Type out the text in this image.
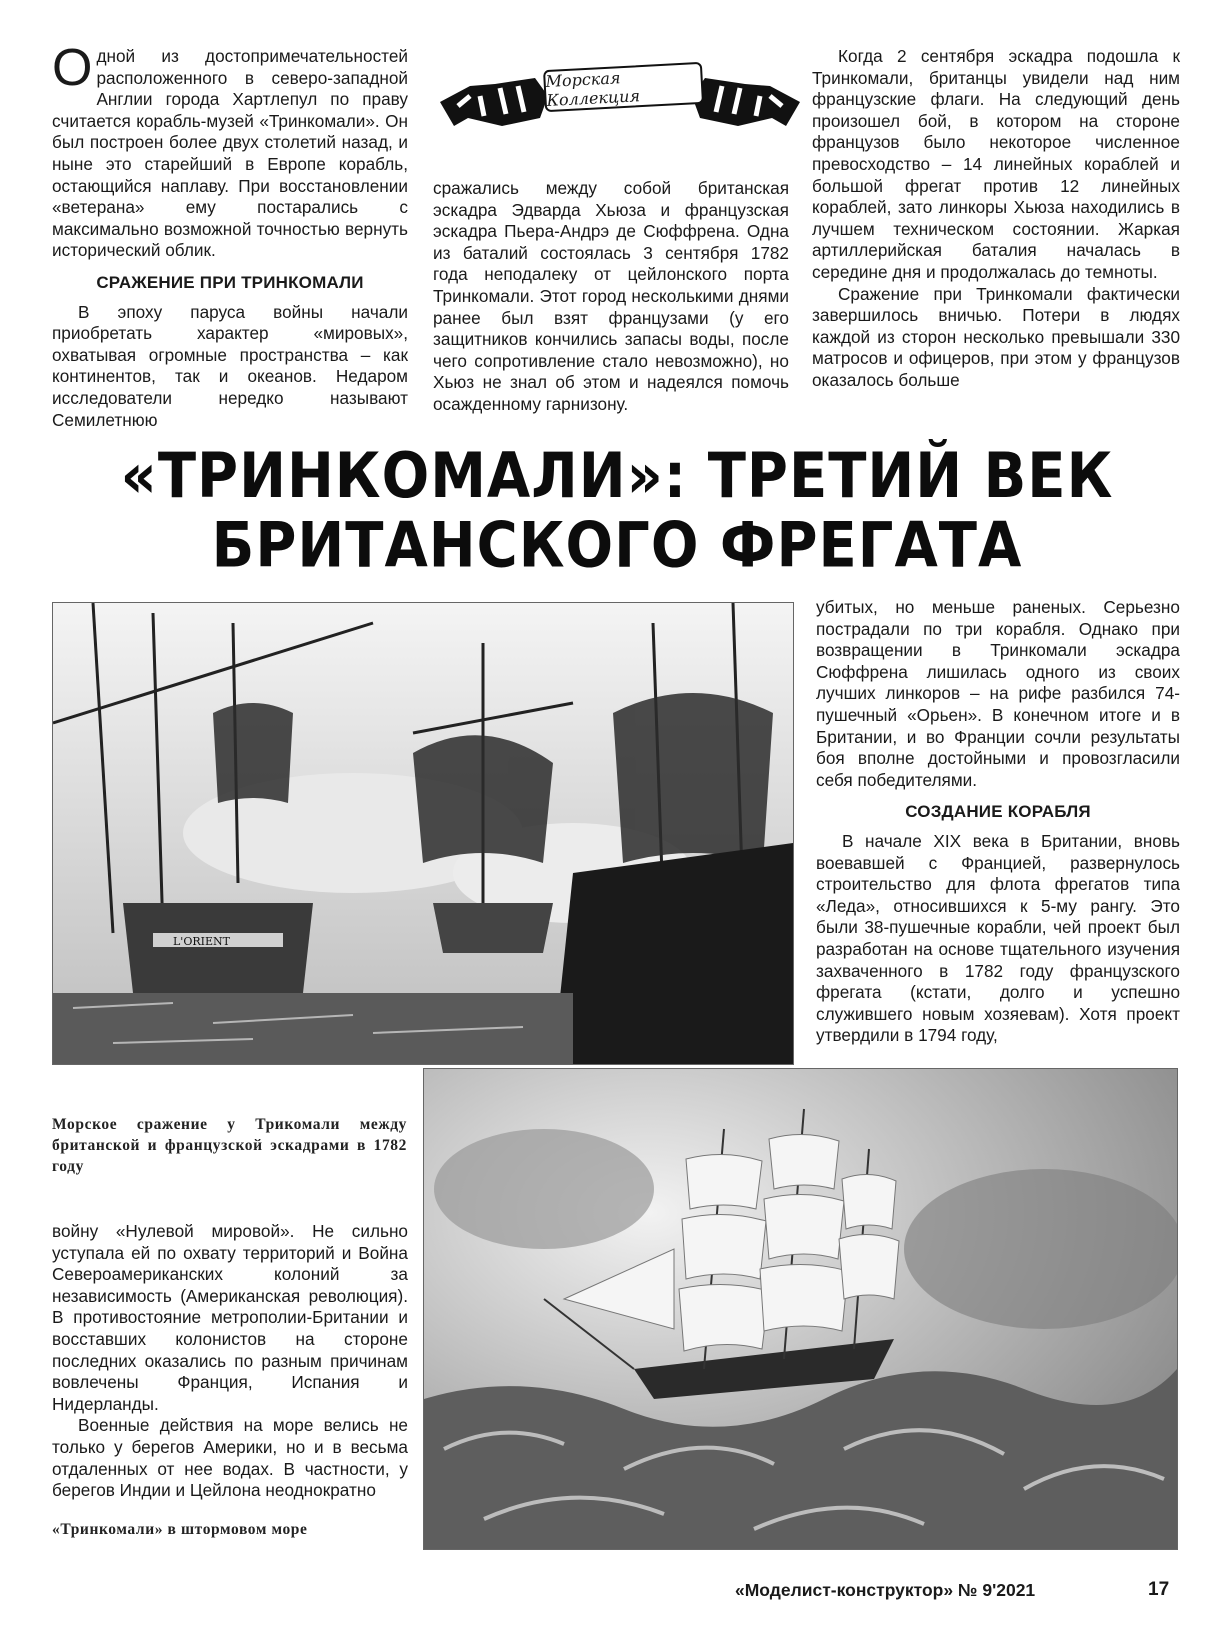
Морская Коллекция

Одной из достопримечательностей расположенного в северо-западной Англии города Хартлепул по праву считается корабль-музей «Тринкомали». Он был построен более двух столетий назад, и ныне это старейший в Европе корабль, остающийся наплаву. При восстановлении «ветерана» ему постарались с максимально возможной точностью вернуть исторический облик.

СРАЖЕНИЕ ПРИ ТРИНКОМАЛИ

В эпоху паруса войны начали приобретать характер «мировых», охватывая огромные пространства – как континентов, так и океанов. Недаром исследователи нередко называют Семилетнюю

сражались между собой британская эскадра Эдварда Хьюза и французская эскадра Пьера-Андрэ де Сюффрена. Одна из баталий состоялась 3 сентября 1782 года неподалеку от цейлонского порта Тринкомали. Этот город несколькими днями ранее был взят французами (у его защитников кончились запасы воды, после чего сопротивление стало невозможно), но Хьюз не знал об этом и надеялся помочь осажденному гарнизону.

Когда 2 сентября эскадра подошла к Тринкомали, британцы увидели над ним французские флаги. На следующий день произошел бой, в котором на стороне французов было некоторое численное превосходство – 14 линейных кораблей и большой фрегат против 12 линейных кораблей, зато линкоры Хьюза находились в лучшем техническом состоянии. Жаркая артиллерийская баталия началась в середине дня и продолжалась до темноты.

Сражение при Тринкомали фактически завершилось вничью. Потери в людях каждой из сторон несколько превышали 330 матросов и офицеров, при этом у французов оказалось больше

«ТРИНКОМАЛИ»: ТРЕТИЙ ВЕК
БРИТАНСКОГО ФРЕГАТА
L'ORIENT

убитых, но меньше раненых. Серьезно пострадали по три корабля. Однако при возвращении в Тринкомали эскадра Сюффрена лишилась одного из своих лучших линкоров – на рифе разбился 74-пушечный «Орьен». В конечном итоге и в Британии, и во Франции сочли результаты боя вполне достойными и провозгласили себя победителями.

СОЗДАНИЕ КОРАБЛЯ

В начале XIX века в Британии, вновь воевавшей с Францией, развернулось строительство для флота фрегатов типа «Леда», относившихся к 5-му рангу. Это были 38-пушечные корабли, чей проект был разработан на основе тщательного изучения захваченного в 1782 году французского фрегата (кстати, долго и успешно служившего новым хозяевам). Хотя проект утвердили в 1794 году,

Морское сражение у Трикомали между британской и французской эскадрами в 1782 году

войну «Нулевой мировой». Не сильно уступала ей по охвату территорий и Война Североамериканских колоний за независимость (Американская революция). В противостояние метрополии-Британии и восставших колонистов на стороне последних оказались по разным причинам вовлечены Франция, Испания и Нидерланды.

Военные действия на море велись не только у берегов Америки, но и в весьма отдаленных от нее водах. В частности, у берегов Индии и Цейлона неоднократно

«Тринкомали» в штормовом море
«Моделист-конструктор» № 9'2021	17
